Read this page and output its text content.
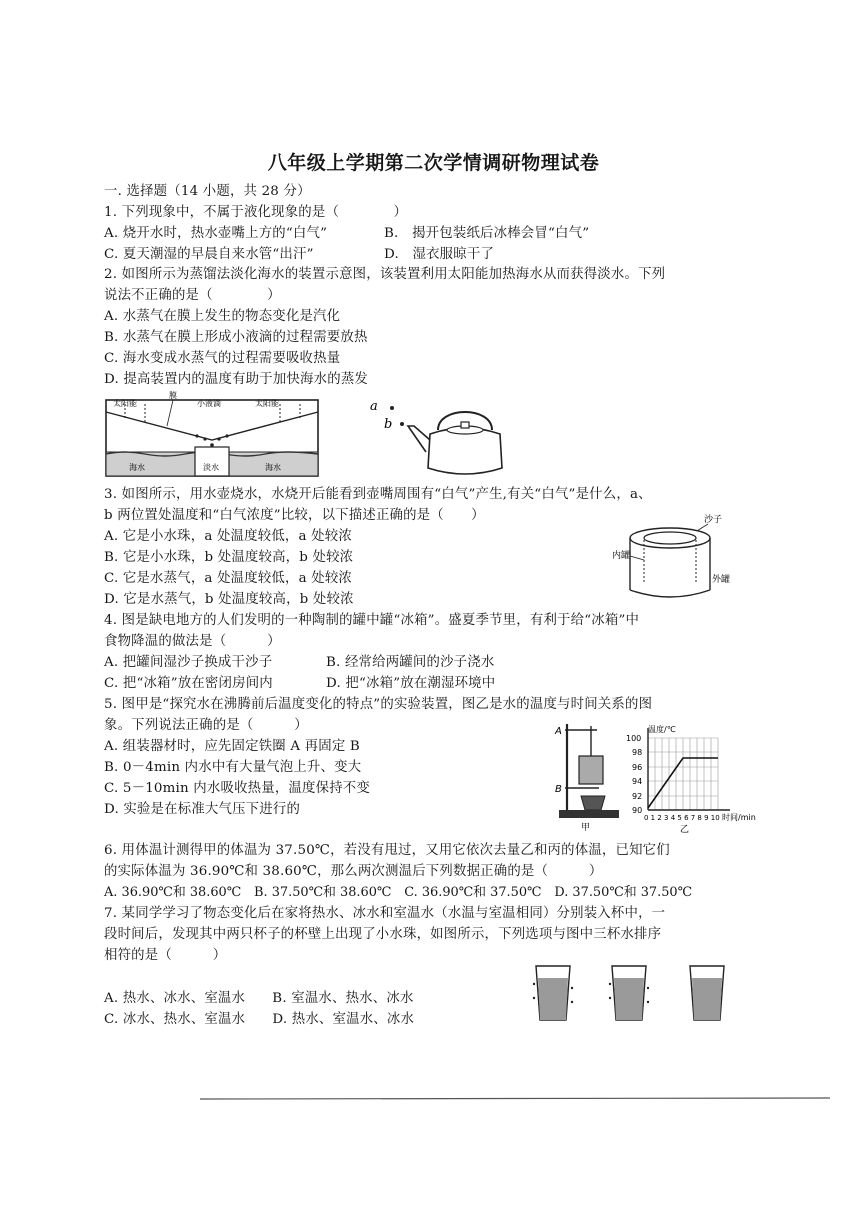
八年级上学期第二次学情调研物理试卷
一. 选择题（14 小题，共 28 分）
1. 下列现象中，不属于液化现象的是（　　　　）
A. 烧开水时，热水壶嘴上方的“白气”	B.　揭开包装纸后冰棒会冒“白气”
C. 夏天潮湿的早晨自来水管“出汗”	D.　湿衣服晾干了
2. 如图所示为蒸馏法淡化海水的装置示意图，该装置利用太阳能加热海水从而获得淡水。下列
说法不正确的是（　　　　）
A. 水蒸气在膜上发生的物态变化是汽化
B. 水蒸气在膜上形成小液滴的过程需要放热
C. 海水变成水蒸气的过程需要吸收热量
D. 提高装置内的温度有助于加快海水的蒸发
太阳能
膜
小液滴	太阳能
海水	淡水	海水
a
b
3. 如图所示，用水壶烧水，水烧开后能看到壶嘴周围有“白气”产生,有关“白气”是什么，a、
b 两位置处温度和“白气浓度”比较，以下描述正确的是（　　）
A. 它是小水珠，a 处温度较低，a 处较浓
B. 它是小水珠，b 处温度较高，b 处较浓
C. 它是水蒸气，a 处温度较低，a 处较浓
D. 它是水蒸气，b 处温度较高，b 处较浓
沙子
内罐
外罐
4. 图是缺电地方的人们发明的一种陶制的罐中罐“冰箱”。盛夏季节里，有利于给“冰箱”中
食物降温的做法是（　　　）
A. 把罐间湿沙子换成干沙子	B. 经常给两罐间的沙子浇水
C. 把“冰箱”放在密闭房间内	D. 把“冰箱”放在潮湿环境中
5. 图甲是“探究水在沸腾前后温度变化的特点”的实验装置，图乙是水的温度与时间关系的图
象。下列说法正确的是（　　　）
A. 组装器材时，应先固定铁圈 A 再固定 B
B. 0－4min 内水中有大量气泡上升、变大
C. 5－10min 内水吸收热量，温度保持不变
D. 实验是在标准大气压下进行的
A
B
甲
温度/℃
100
98
96
94
92
90
0 1 2 3 4 5 6 7 8 9 10 时间/min
乙
6. 用体温计测得甲的体温为 37.50℃，若没有甩过，又用它依次去量乙和丙的体温，已知它们
的实际体温为 36.90℃和 38.60℃，那么两次测温后下列数据正确的是（　　　）
A. 36.90℃和 38.60℃　B. 37.50℃和 38.60℃　C. 36.90℃和 37.50℃　D. 37.50℃和 37.50℃
7. 某同学学习了物态变化后在家将热水、冰水和室温水（水温与室温相同）分别装入杯中，一
段时间后，发现其中两只杯子的杯壁上出现了小水珠，如图所示，下列选项与图中三杯水排序
相符的是（　　　）
A. 热水、冰水、室温水　　B. 室温水、热水、冰水
C. 冰水、热水、室温水　　D. 热水、室温水、冰水
